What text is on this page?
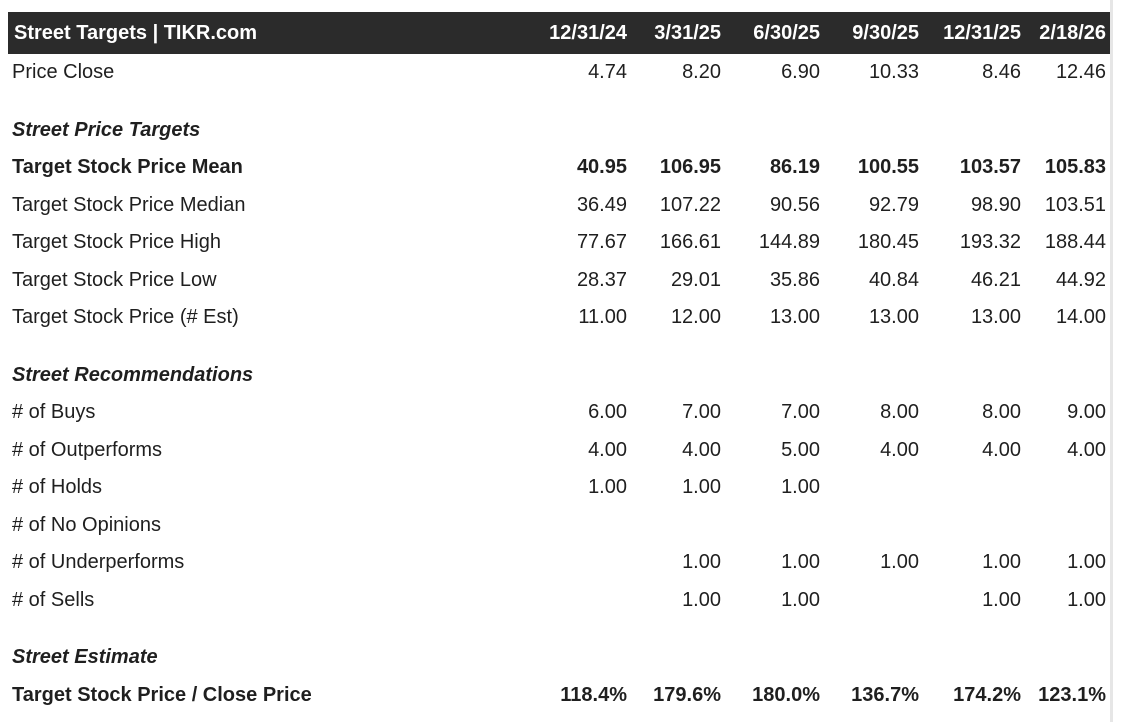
Street Targets | TIKR.com	12/31/24	3/31/25	6/30/25	9/30/25	12/31/25	2/18/26
Price Close	4.74	8.20	6.90	10.33	8.46	12.46

Street Price Targets						
Target Stock Price Mean	40.95	106.95	86.19	100.55	103.57	105.83
Target Stock Price Median	36.49	107.22	90.56	92.79	98.90	103.51
Target Stock Price High	77.67	166.61	144.89	180.45	193.32	188.44
Target Stock Price Low	28.37	29.01	35.86	40.84	46.21	44.92
Target Stock Price (# Est)	11.00	12.00	13.00	13.00	13.00	14.00

Street Recommendations						
# of Buys	6.00	7.00	7.00	8.00	8.00	9.00
# of Outperforms	4.00	4.00	5.00	4.00	4.00	4.00
# of Holds	1.00	1.00	1.00			
# of No Opinions						
# of Underperforms		1.00	1.00	1.00	1.00	1.00
# of Sells		1.00	1.00		1.00	1.00

Street Estimate						
Target Stock Price / Close Price	118.4%	179.6%	180.0%	136.7%	174.2%	123.1%
